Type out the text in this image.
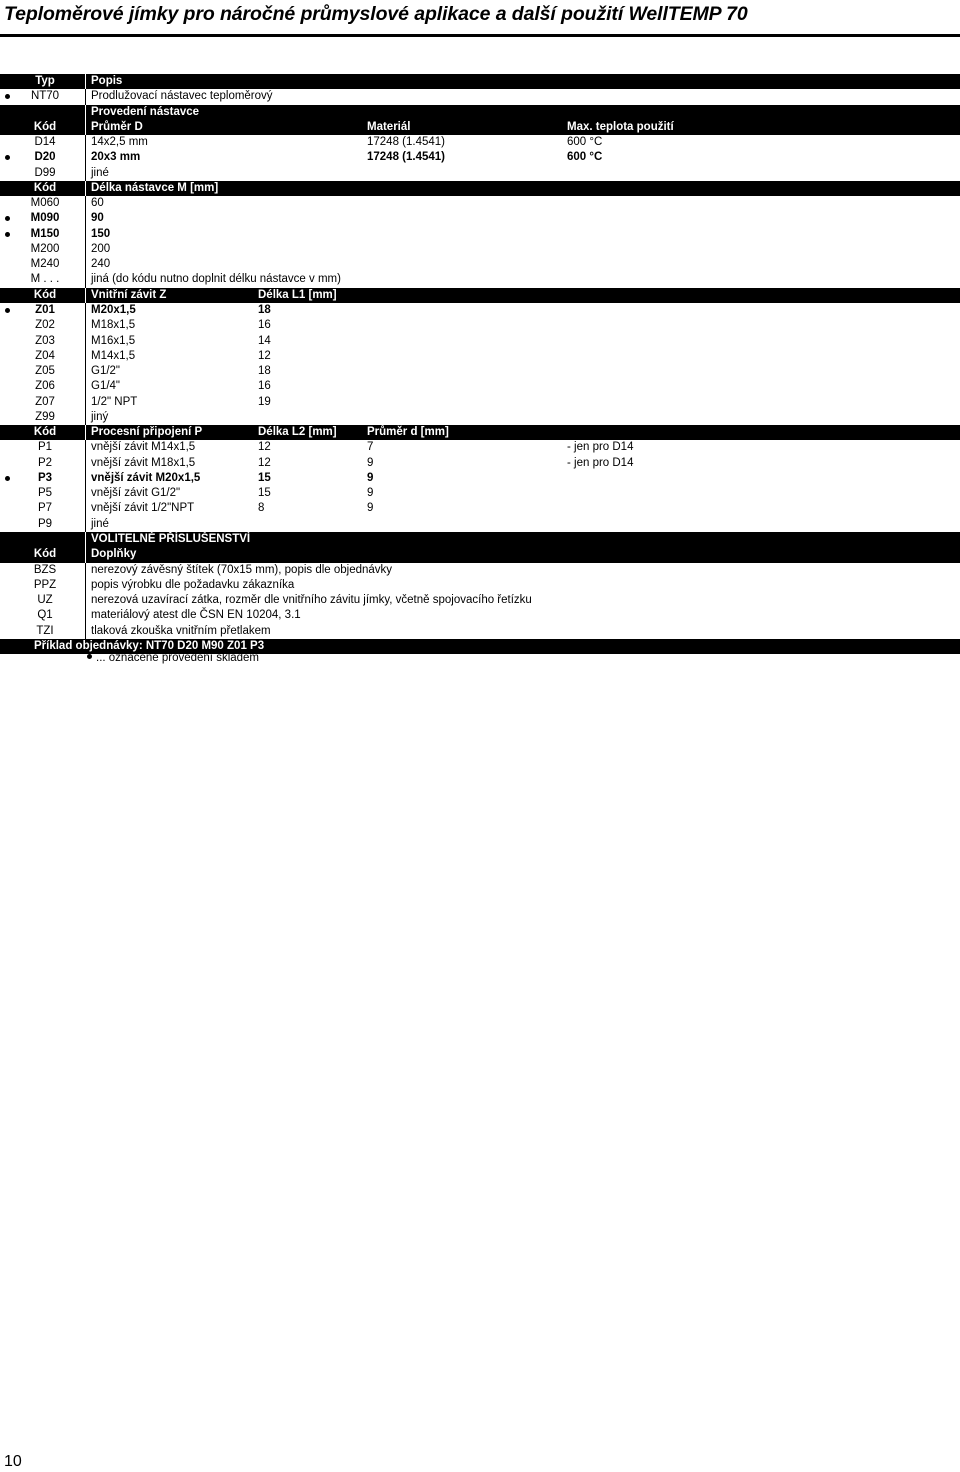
Teploměrové jímky pro náročné průmyslové aplikace a další použití WellTEMP 70
Typ	Popis
NT70	Prodlužovací nástavec teploměrový
Provedení nástavce
Kód	Průměr D	Materiál	Max. teplota použití
D14	14x2,5 mm	17248 (1.4541)	600 °C
D20	20x3 mm	17248 (1.4541)	600 °C
D99	jiné
Kód	Délka nástavce M [mm]
M060	60
M090	90
M150	150
M200	200
M240	240
M . . .	jiná (do kódu nutno doplnit délku nástavce v mm)
Kód	Vnitřní závit Z	Délka L1 [mm]
Z01	M20x1,5	18
Z02	M18x1,5	16
Z03	M16x1,5	14
Z04	M14x1,5	12
Z05	G1/2"	18
Z06	G1/4"	16
Z07	1/2" NPT	19
Z99	jiný
Kód	Procesní připojení P	Délka L2 [mm]	Průměr d [mm]
P1	vnější závit M14x1,5	12	7	- jen pro D14
P2	vnější závit M18x1,5	12	9	- jen pro D14
P3	vnější závit M20x1,5	15	9
P5	vnější závit G1/2"	15	9
P7	vnější závit 1/2"NPT	8	9
P9	jiné
VOLITELNÉ PŘÍSLUŠENSTVÍ
Kód	Doplňky
BZS	nerezový závěsný štítek (70x15 mm), popis dle objednávky
PPZ	popis výrobku dle požadavku zákazníka
UZ	nerezová uzavírací zátka, rozměr dle vnitřního závitu jímky, včetně spojovacího řetízku
Q1	materiálový atest dle ČSN EN 10204, 3.1
TZI	tlaková zkouška vnitřním přetlakem
Příklad objednávky: NT70 D20 M90 Z01 P3
... označené provedení skladem
10
